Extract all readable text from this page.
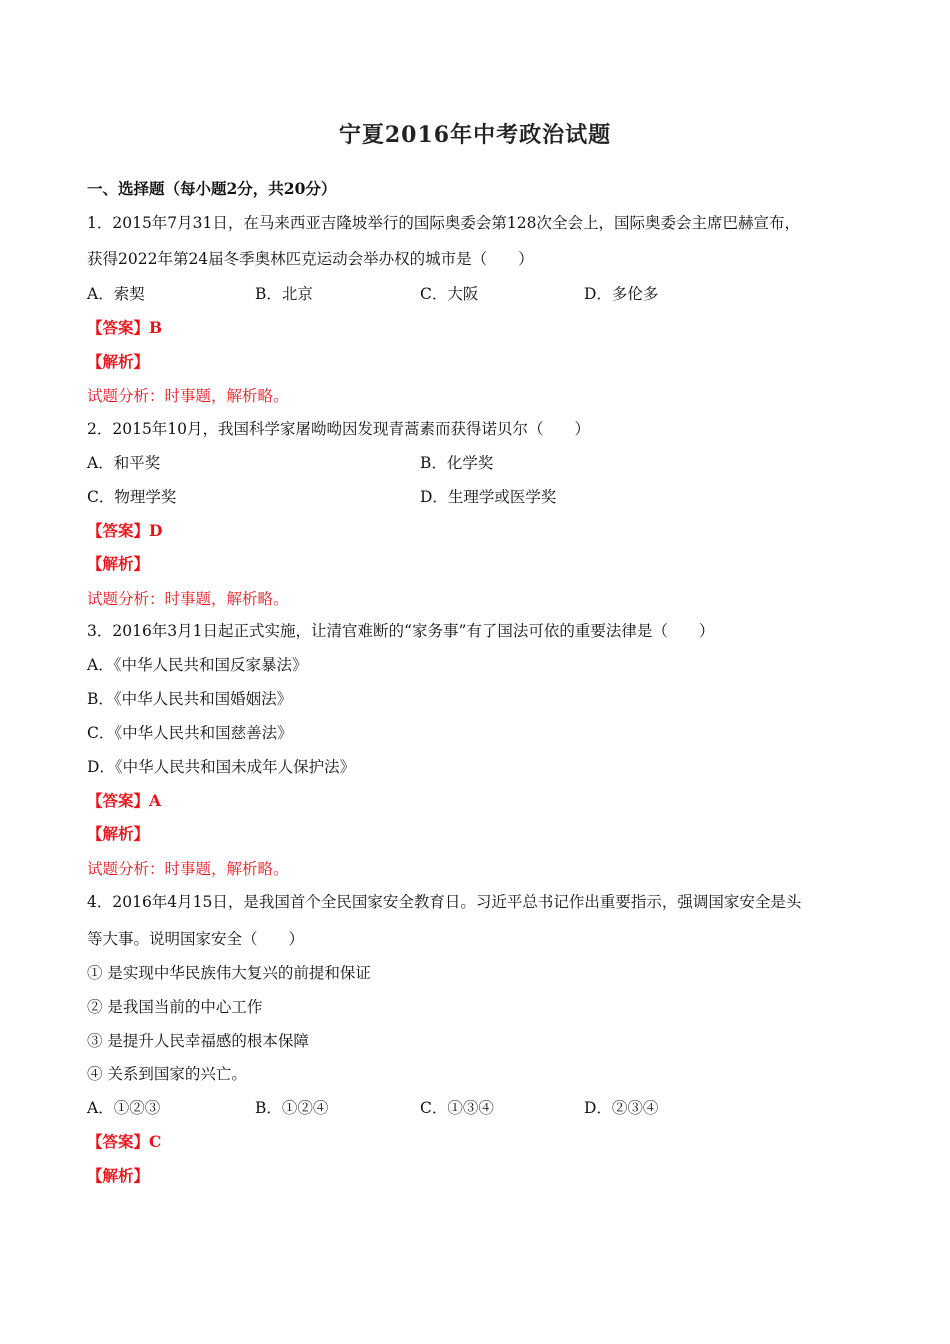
宁夏2016年中考政治试题
一、选择题（每小题2分，共20分）
1．2015年7月31日，在马来西亚吉隆坡举行的国际奥委会第128次全会上，国际奥委会主席巴赫宣布，
获得2022年第24届冬季奥林匹克运动会举办权的城市是（　　）
A．索契	B．北京	C．大阪	D．多伦多
【答案】B
【解析】
试题分析：时事题，解析略。
2．2015年10月，我国科学家屠呦呦因发现青蒿素而获得诺贝尔（　　）
A．和平奖	B．化学奖
C．物理学奖	D．生理学或医学奖
【答案】D
【解析】
试题分析：时事题，解析略。
3．2016年3月1日起正式实施，让清官难断的“家务事”有了国法可依的重要法律是（　　）
A．《中华人民共和国反家暴法》
B．《中华人民共和国婚姻法》
C．《中华人民共和国慈善法》
D．《中华人民共和国未成年人保护法》
【答案】A
【解析】
试题分析：时事题，解析略。
4．2016年4月15日，是我国首个全民国家安全教育日。习近平总书记作出重要指示，强调国家安全是头
等大事。说明国家安全（　　）
① 是实现中华民族伟大复兴的前提和保证
② 是我国当前的中心工作
③ 是提升人民幸福感的根本保障
④ 关系到国家的兴亡。
A．①②③	B．①②④	C．①③④	D．②③④
【答案】C
【解析】
